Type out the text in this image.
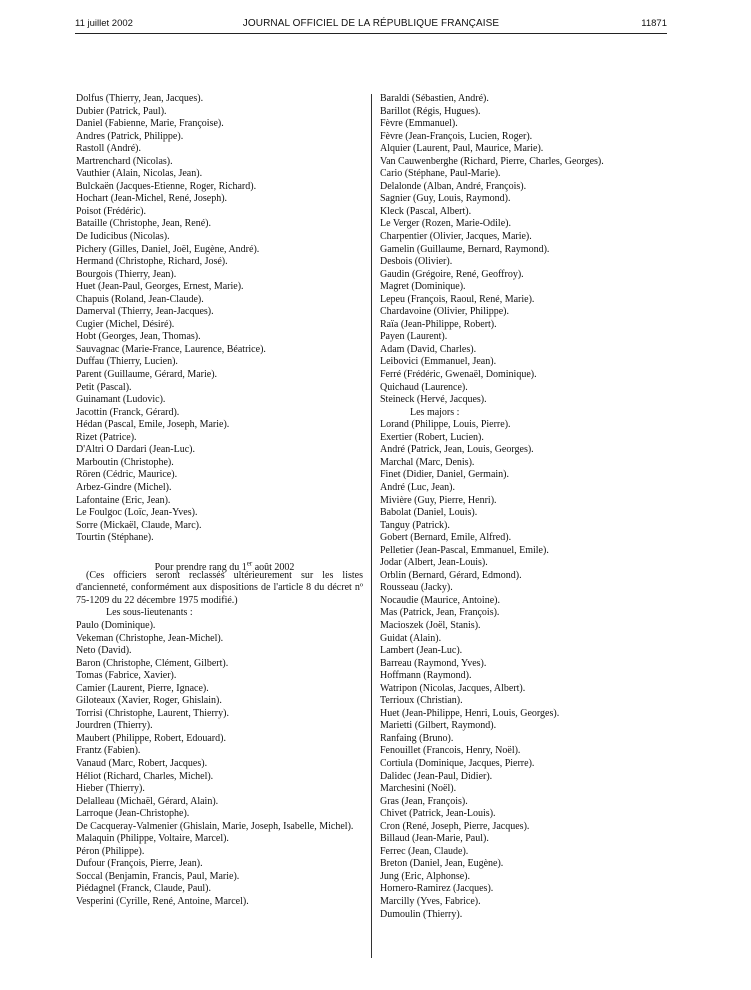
11 juillet 2002	JOURNAL OFFICIEL DE LA RÉPUBLIQUE FRANÇAISE	11871
Dolfus (Thierry, Jean, Jacques).
Dubier (Patrick, Paul).
Daniel (Fabienne, Marie, Françoise).
Andres (Patrick, Philippe).
Rastoll (André).
Martrenchard (Nicolas).
Vauthier (Alain, Nicolas, Jean).
Bulckaën (Jacques-Etienne, Roger, Richard).
Hochart (Jean-Michel, René, Joseph).
Poisot (Frédéric).
Bataille (Christophe, Jean, René).
De Iudicibus (Nicolas).
Pichery (Gilles, Daniel, Joël, Eugène, André).
Hermand (Christophe, Richard, José).
Bourgois (Thierry, Jean).
Huet (Jean-Paul, Georges, Ernest, Marie).
Chapuis (Roland, Jean-Claude).
Damerval (Thierry, Jean-Jacques).
Cugier (Michel, Désiré).
Hobt (Georges, Jean, Thomas).
Sauvagnac (Marie-France, Laurence, Béatrice).
Duffau (Thierry, Lucien).
Parent (Guillaume, Gérard, Marie).
Petit (Pascal).
Guinamant (Ludovic).
Jacottin (Franck, Gérard).
Hédan (Pascal, Emile, Joseph, Marie).
Rizet (Patrice).
D'Altri O Dardari (Jean-Luc).
Marboutin (Christophe).
Rören (Cédric, Maurice).
Arbez-Gindre (Michel).
Lafontaine (Eric, Jean).
Le Foulgoc (Loïc, Jean-Yves).
Sorre (Mickaël, Claude, Marc).
Tourtin (Stéphane).
Pour prendre rang du 1er août 2002
(Ces officiers seront reclassés ultérieurement sur les listes d'ancienneté, conformément aux dispositions de l'article 8 du décret nº 75-1209 du 22 décembre 1975 modifié.)
Les sous-lieutenants :
Paulo (Dominique).
Vekeman (Christophe, Jean-Michel).
Neto (David).
Baron (Christophe, Clément, Gilbert).
Tomas (Fabrice, Xavier).
Camier (Laurent, Pierre, Ignace).
Giloteaux (Xavier, Roger, Ghislain).
Torrisi (Christophe, Laurent, Thierry).
Jourdren (Thierry).
Maubert (Philippe, Robert, Edouard).
Frantz (Fabien).
Vanaud (Marc, Robert, Jacques).
Héliot (Richard, Charles, Michel).
Hieber (Thierry).
Delalleau (Michaël, Gérard, Alain).
Larroque (Jean-Christophe).
De Cacqueray-Valmenier (Ghislain, Marie, Joseph, Isabelle, Michel).
Malaquin (Philippe, Voltaire, Marcel).
Péron (Philippe).
Dufour (François, Pierre, Jean).
Soccal (Benjamin, Francis, Paul, Marie).
Piédagnel (Franck, Claude, Paul).
Vesperini (Cyrille, René, Antoine, Marcel).
Baraldi (Sébastien, André).
Barillot (Régis, Hugues).
Fèvre (Emmanuel).
Fèvre (Jean-François, Lucien, Roger).
Alquier (Laurent, Paul, Maurice, Marie).
Van Cauwenberghe (Richard, Pierre, Charles, Georges).
Cario (Stéphane, Paul-Marie).
Delalonde (Alban, André, François).
Sagnier (Guy, Louis, Raymond).
Kleck (Pascal, Albert).
Le Verger (Rozen, Marie-Odile).
Charpentier (Olivier, Jacques, Marie).
Gamelin (Guillaume, Bernard, Raymond).
Desbois (Olivier).
Gaudin (Grégoire, René, Geoffroy).
Magret (Dominique).
Lepeu (François, Raoul, René, Marie).
Chardavoine (Olivier, Philippe).
Raïa (Jean-Philippe, Robert).
Payen (Laurent).
Adam (David, Charles).
Leibovici (Emmanuel, Jean).
Ferré (Frédéric, Gwenaël, Dominique).
Quichaud (Laurence).
Steineck (Hervé, Jacques).
Les majors :
Lorand (Philippe, Louis, Pierre).
Exertier (Robert, Lucien).
André (Patrick, Jean, Louis, Georges).
Marchal (Marc, Denis).
Finet (Didier, Daniel, Germain).
André (Luc, Jean).
Mivière (Guy, Pierre, Henri).
Babolat (Daniel, Louis).
Tanguy (Patrick).
Gobert (Bernard, Emile, Alfred).
Pelletier (Jean-Pascal, Emmanuel, Emile).
Jodar (Albert, Jean-Louis).
Orblin (Bernard, Gérard, Edmond).
Rousseau (Jacky).
Nocaudie (Maurice, Antoine).
Mas (Patrick, Jean, François).
Macioszek (Joël, Stanis).
Guidat (Alain).
Lambert (Jean-Luc).
Barreau (Raymond, Yves).
Hoffmann (Raymond).
Watripon (Nicolas, Jacques, Albert).
Terrioux (Christian).
Huet (Jean-Philippe, Henri, Louis, Georges).
Marietti (Gilbert, Raymond).
Ranfaing (Bruno).
Fenouillet (Francois, Henry, Noël).
Cortiula (Dominique, Jacques, Pierre).
Dalidec (Jean-Paul, Didier).
Marchesini (Noël).
Gras (Jean, François).
Chivet (Patrick, Jean-Louis).
Cron (René, Joseph, Pierre, Jacques).
Billaud (Jean-Marie, Paul).
Ferrec (Jean, Claude).
Breton (Daniel, Jean, Eugène).
Jung (Eric, Alphonse).
Hornero-Ramirez (Jacques).
Marcilly (Yves, Fabrice).
Dumoulin (Thierry).
